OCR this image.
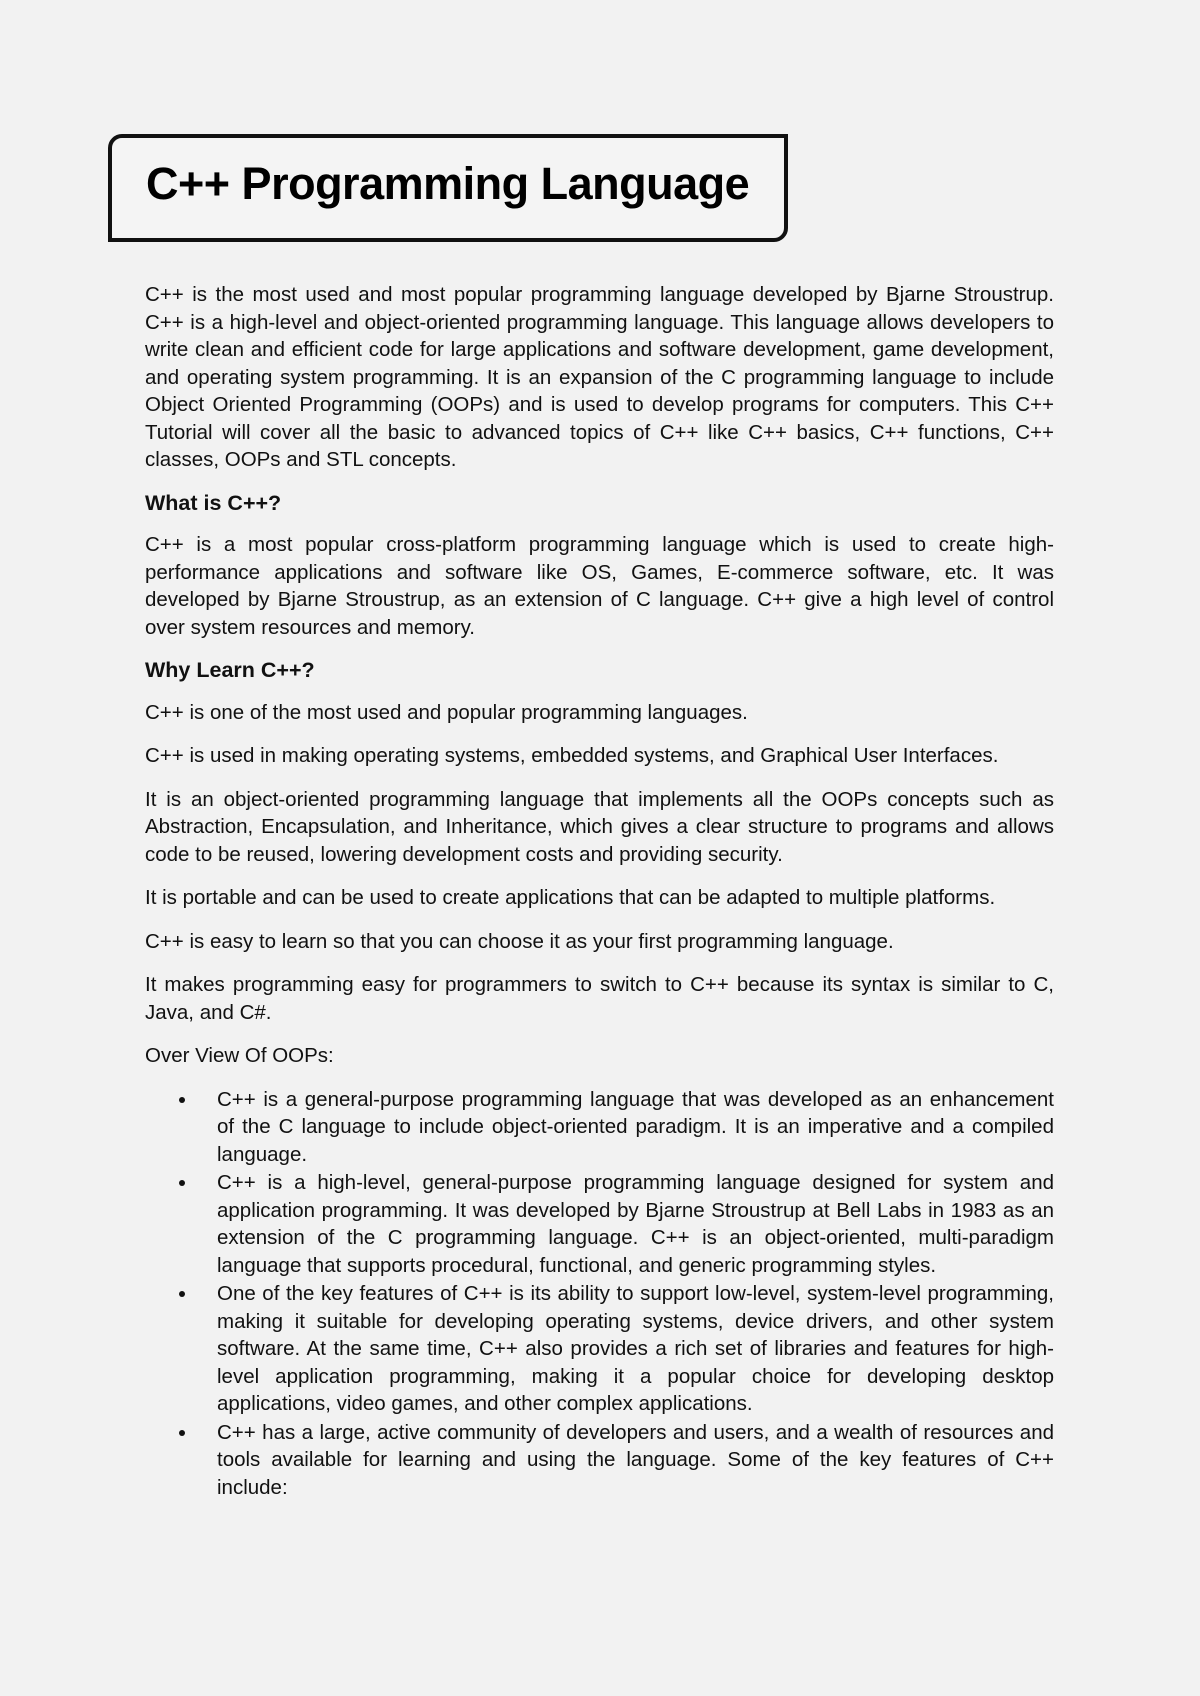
C++ Programming Language

C++ is the most used and most popular programming language developed by Bjarne Stroustrup. C++ is a high-level and object-oriented programming language. This language allows developers to write clean and efficient code for large applications and software development, game development, and operating system programming. It is an expansion of the C programming language to include Object Oriented Programming (OOPs) and is used to develop programs for computers. This C++ Tutorial will cover all the basic to advanced topics of C++ like C++ basics, C++ functions, C++ classes, OOPs and STL concepts.

What is C++?

C++ is a most popular cross-platform programming language which is used to create high-performance applications and software like OS, Games, E-commerce software, etc. It was developed by Bjarne Stroustrup, as an extension of C language. C++ give a high level of control over system resources and memory.

Why Learn C++?

C++ is one of the most used and popular programming languages.

C++ is used in making operating systems, embedded systems, and Graphical User Interfaces.

It is an object-oriented programming language that implements all the OOPs concepts such as Abstraction, Encapsulation, and Inheritance, which gives a clear structure to programs and allows code to be reused, lowering development costs and providing security.

It is portable and can be used to create applications that can be adapted to multiple platforms.

C++ is easy to learn so that you can choose it as your first programming language.

It makes programming easy for programmers to switch to C++ because its syntax is similar to C, Java, and C#.

Over View Of OOPs:

C++ is a general-purpose programming language that was developed as an enhancement of the C language to include object-oriented paradigm. It is an imperative and a compiled language.
C++ is a high-level, general-purpose programming language designed for system and application programming. It was developed by Bjarne Stroustrup at Bell Labs in 1983 as an extension of the C programming language. C++ is an object-oriented, multi-paradigm language that supports procedural, functional, and generic programming styles.
One of the key features of C++ is its ability to support low-level, system-level programming, making it suitable for developing operating systems, device drivers, and other system software. At the same time, C++ also provides a rich set of libraries and features for high-level application programming, making it a popular choice for developing desktop applications, video games, and other complex applications.
C++ has a large, active community of developers and users, and a wealth of resources and tools available for learning and using the language. Some of the key features of C++ include:
